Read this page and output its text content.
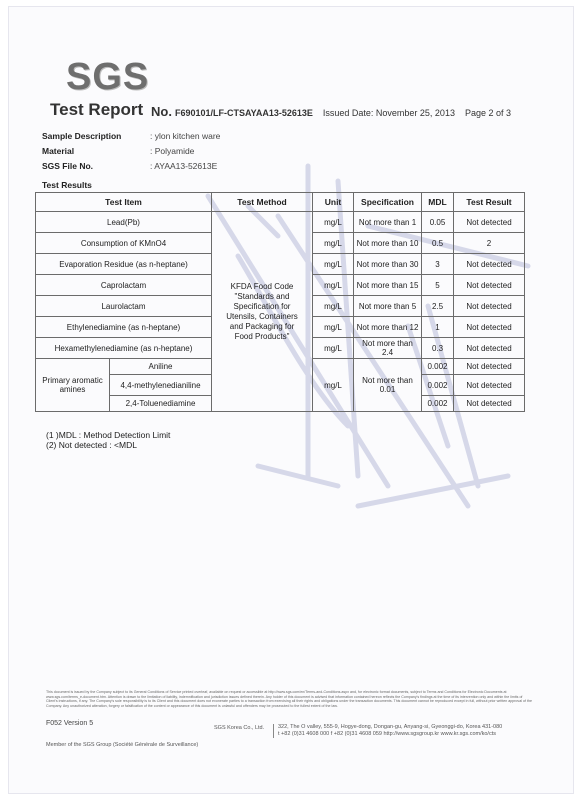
SGS
Test Report No. F690101/LF-CTSAYAA13-52613E Issued Date: November 25, 2013 Page 2 of 3
Sample Description	: ylon kitchen ware
Material	: Polyamide
SGS File No.	: AYAA13-52613E
Test Results
Test Item		Test Method	Unit	Specification	MDL	Test Result
Lead(Pb)		KFDA Food Code "Standards and Specification for Utensils, Containers and Packaging for Food Products"	mg/L	Not more than 1	0.05	Not detected
Consumption of KMnO4			mg/L	Not more than 10	0.5	2
Evaporation Residue (as n-heptane)			mg/L	Not more than 30	3	Not detected
Caprolactam			mg/L	Not more than 15	5	Not detected
Laurolactam			mg/L	Not more than 5	2.5	Not detected
Ethylenediamine (as n-heptane)			mg/L	Not more than 12	1	Not detected
Hexamethylenediamine (as n-heptane)			mg/L	Not more than 2.4	0.3	Not detected
Primary aromatic amines	Aniline		mg/L	Not more than 0.01	0.002	Not detected
	4,4-methylenedianiline				0.002	Not detected
	2,4-Toluenediamine				0.002	Not detected
(1 )MDL : Method Detection Limit
(2) Not detected : <MDL
This document is issued by the Company subject to its General Conditions of Service printed overleaf, available on request or accessible at http://www.sgs.com/en/Terms-and-Conditions.aspx and, for electronic format documents, subject to Terms and Conditions for Electronic Documents at www.sgs.com/terms_e-document.htm. Attention is drawn to the limitation of liability, indemnification and jurisdiction issues defined therein. Any holder of this document is advised that information contained hereon reflects the Company's findings at the time of its intervention only and within the limits of Client's instructions, if any. The Company's sole responsibility is to its Client and this document does not exonerate parties to a transaction from exercising all their rights and obligations under the transaction documents. This document cannot be reproduced except in full, without prior written approval of the Company. Any unauthorized alteration, forgery or falsification of the content or appearance of this document is unlawful and offenders may be prosecuted to the fullest extent of the law.
F052 Version 5
SGS Korea Co., Ltd.	322, The O valley, 555-9, Hogye-dong, Dongan-gu, Anyang-si, Gyeonggi-do, Korea 431-080
t +82 (0)31 4608 000 f +82 (0)31 4608 059 http://www.sgsgroup.kr www.kr.sgs.com/ko/cts
Member of the SGS Group (Société Générale de Surveillance)
